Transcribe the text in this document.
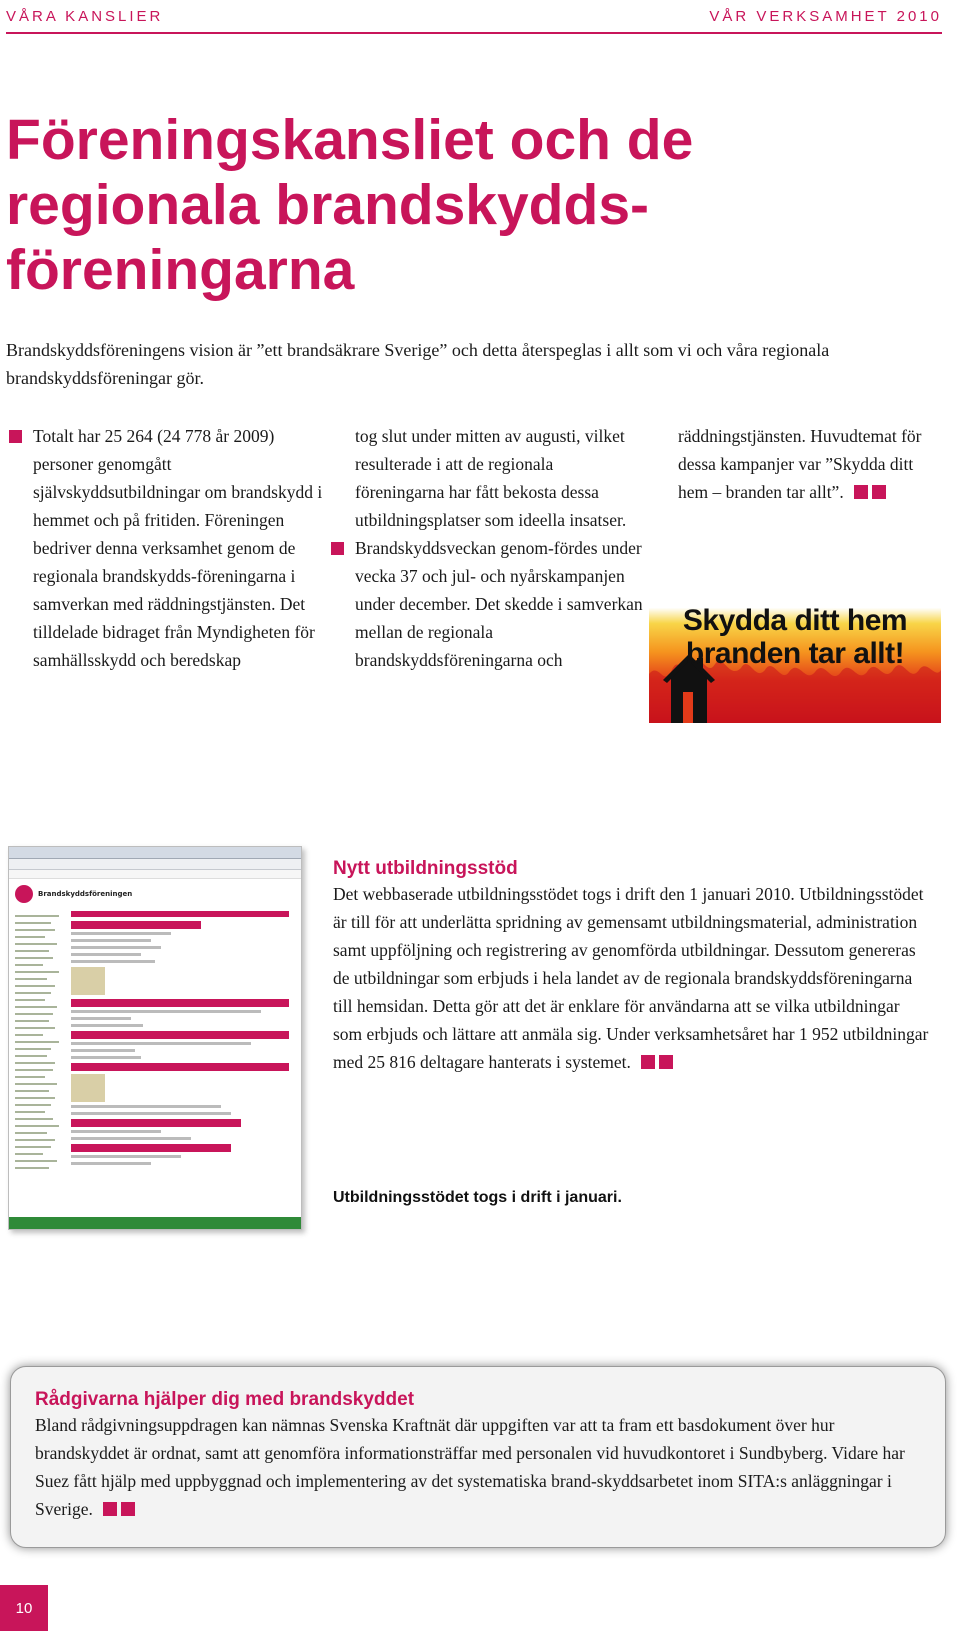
VÅRA KANSLIER	VÅR VERKSAMHET 2010
Föreningskansliet och de regionala brandskydds-föreningarna

Brandskyddsföreningens vision är ”ett brandsäkrare Sverige” och detta återspeglas i allt som vi och våra regionala brandskyddsföreningar gör.

Totalt har 25 264 (24 778 år 2009) personer genomgått självskyddsutbildningar om brandskydd i hemmet och på fritiden. Föreningen bedriver denna verksamhet genom de regionala brandskydds-föreningarna i samverkan med räddningstjänsten. Det tilldelade bidraget från Myndigheten för samhällsskydd och beredskap

tog slut under mitten av augusti, vilket resulterade i att de regionala föreningarna har fått bekosta dessa utbildningsplatser som ideella insatser.

Brandskyddsveckan genom-fördes under vecka 37 och jul- och nyårskampanjen under december. Det skedde i samverkan mellan de regionala brandskyddsföreningarna och

räddningstjänsten. Huvudtemat för dessa kampanjer var ”Skydda ditt hem – branden tar allt”.

Skydda ditt hem
branden tar allt!
Brandskyddsföreningen
Nytt utbildningsstöd

Det webbaserade utbildningsstödet togs i drift den 1 januari 2010. Utbildningsstödet är till för att underlätta spridning av gemensamt utbildningsmaterial, administration samt uppföljning och registrering av genomförda utbildningar. Dessutom genereras de utbildningar som erbjuds i hela landet av de regionala brandskyddsföreningarna till hemsidan. Detta gör att det är enklare för användarna att se vilka utbildningar som erbjuds och lättare att anmäla sig. Under verksamhetsåret har 1 952 utbildningar med 25 816 deltagare hanterats i systemet.

Utbildningsstödet togs i drift i januari.

Rådgivarna hjälper dig med brandskyddet

Bland rådgivningsuppdragen kan nämnas Svenska Kraftnät där uppgiften var att ta fram ett basdokument över hur brandskyddet är ordnat, samt att genomföra informationsträffar med personalen vid huvudkontoret i Sundbyberg. Vidare har Suez fått hjälp med uppbyggnad och implementering av det systematiska brand-skyddsarbetet inom SITA:s anläggningar i Sverige.

10
